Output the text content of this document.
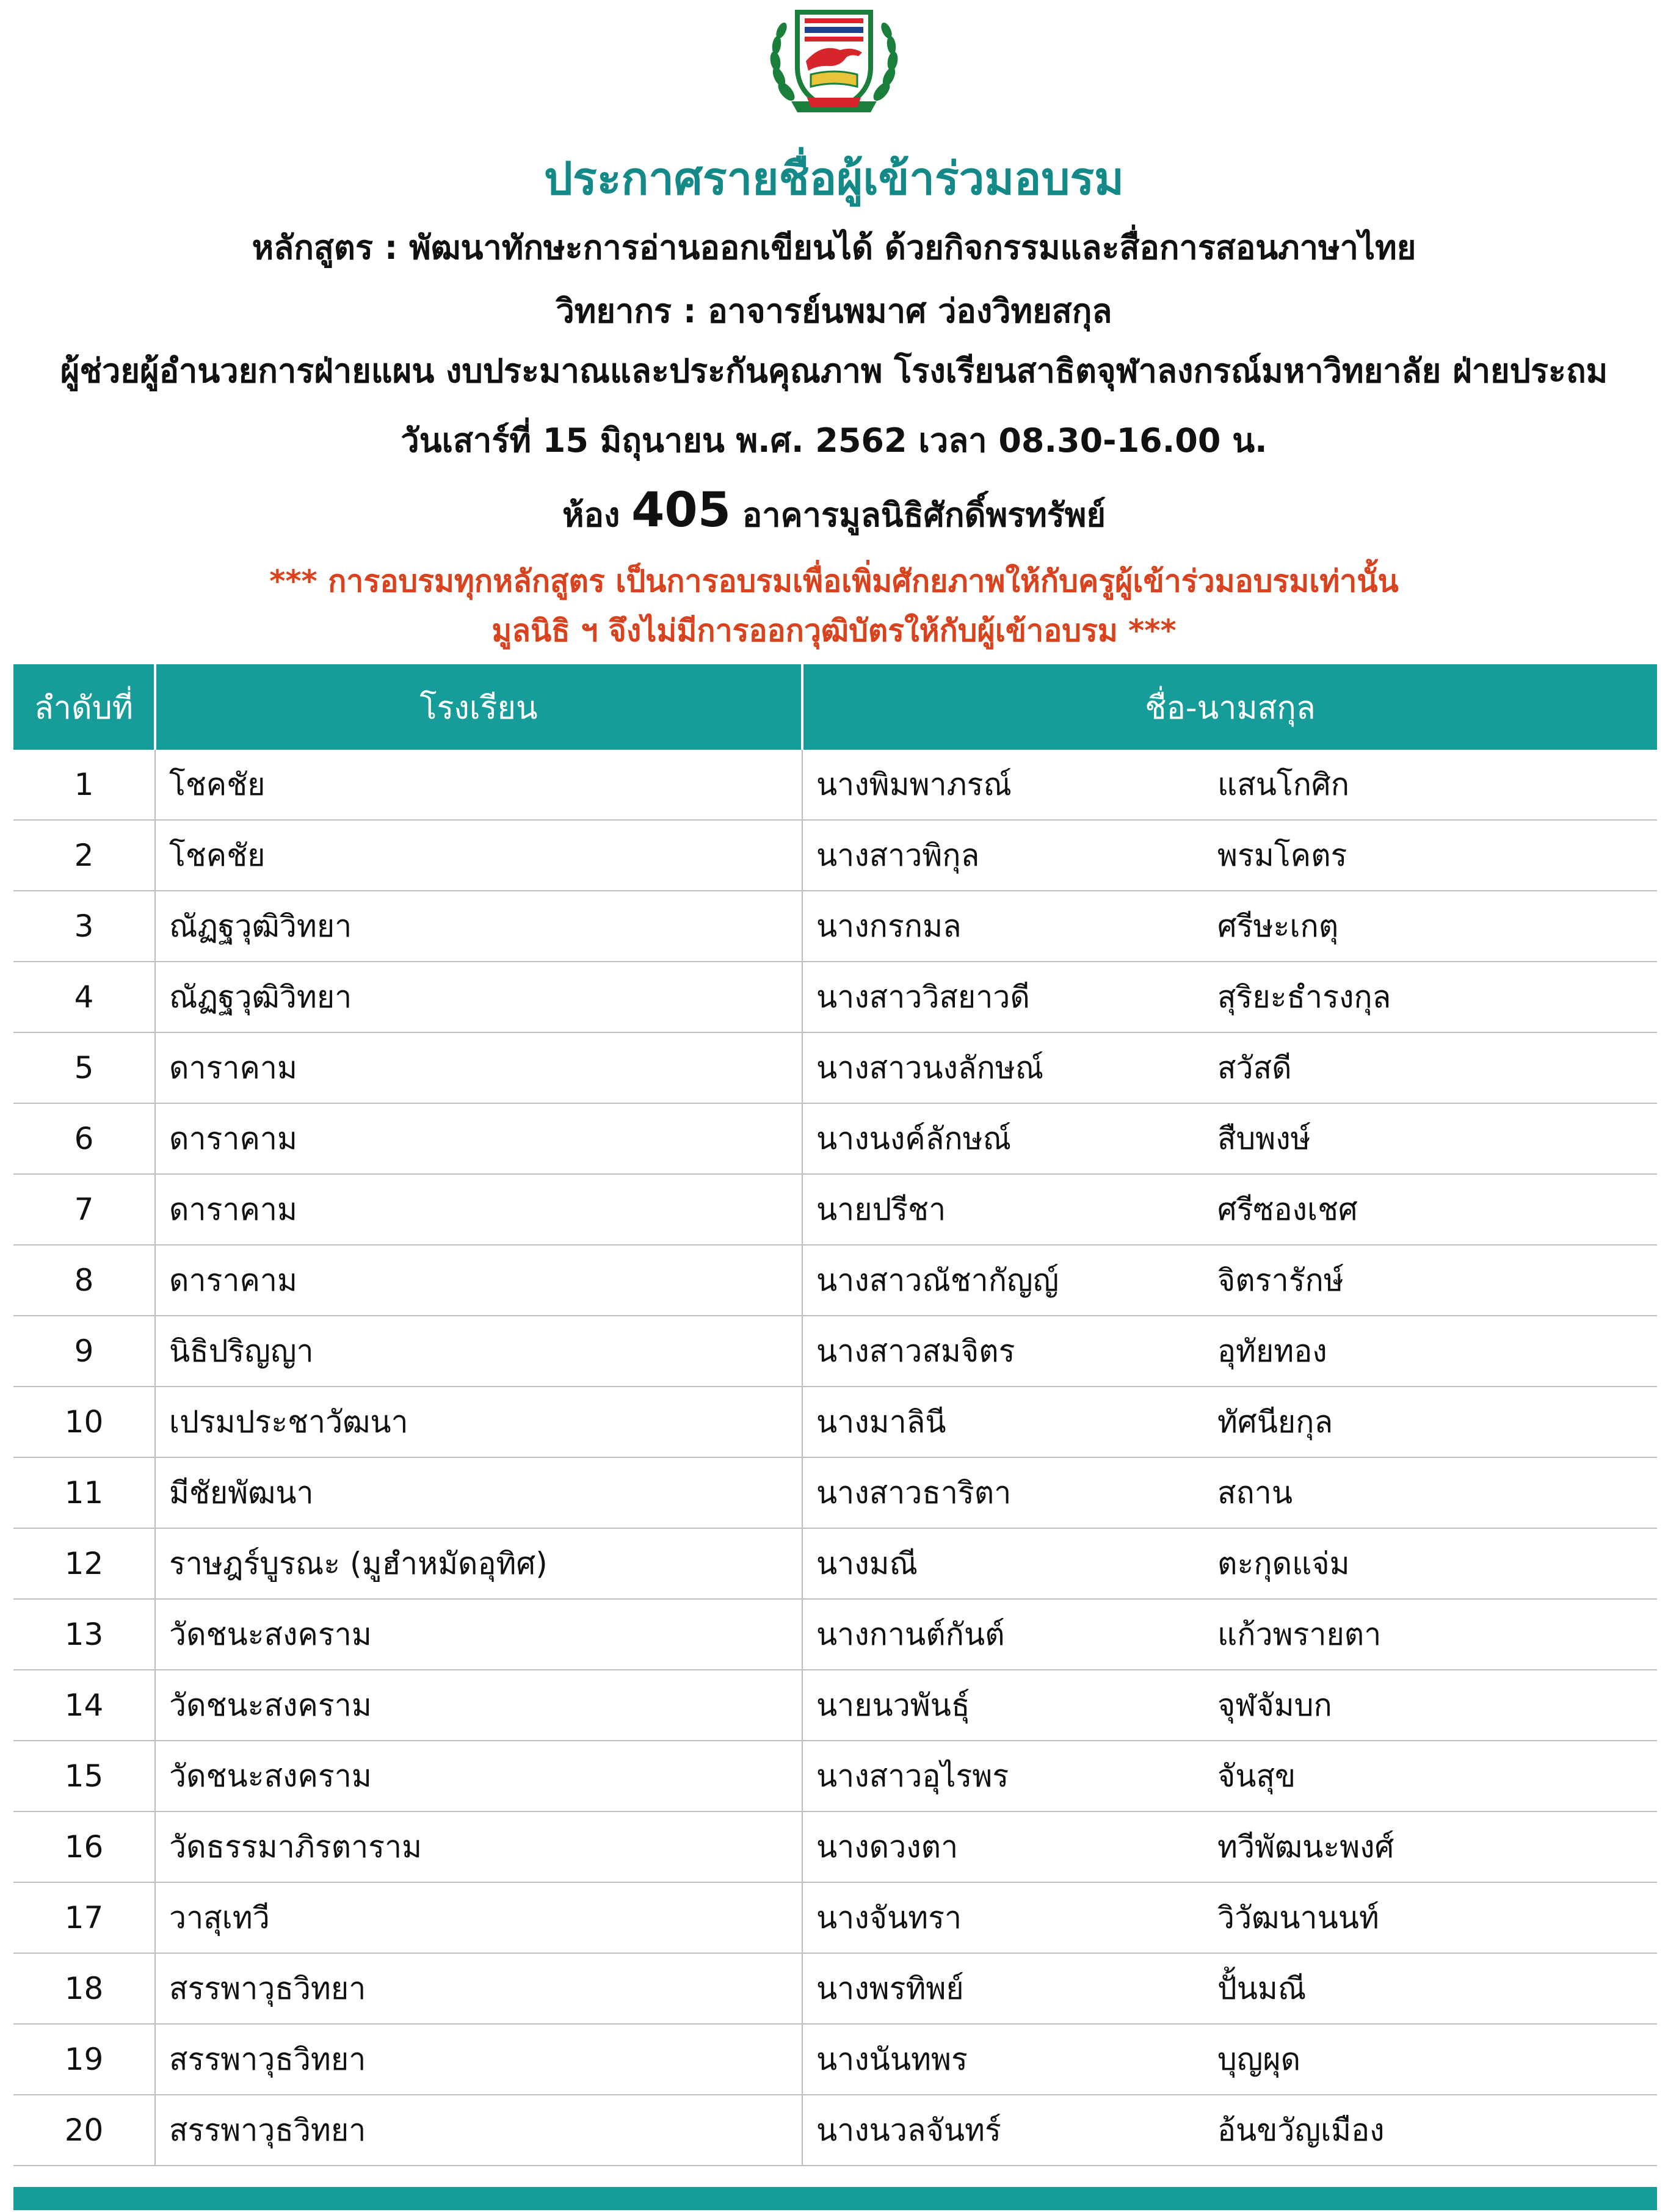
ประกาศรายชื่อผู้เข้าร่วมอบรม
หลักสูตร : พัฒนาทักษะการอ่านออกเขียนได้ ด้วยกิจกรรมและสื่อการสอนภาษาไทย
วิทยากร : อาจารย์นพมาศ ว่องวิทยสกุล
ผู้ช่วยผู้อำนวยการฝ่ายแผน งบประมาณและประกันคุณภาพ โรงเรียนสาธิตจุฬาลงกรณ์มหาวิทยาลัย ฝ่ายประถม
วันเสาร์ที่ 15 มิถุนายน พ.ศ. 2562 เวลา 08.30-16.00 น.
ห้อง 405 อาคารมูลนิธิศักดิ์พรทรัพย์
*** การอบรมทุกหลักสูตร เป็นการอบรมเพื่อเพิ่มศักยภาพให้กับครูผู้เข้าร่วมอบรมเท่านั้น
มูลนิธิ ฯ จึงไม่มีการออกวุฒิบัตรให้กับผู้เข้าอบรม ***
ลำดับที่	โรงเรียน	ชื่อ-นามสกุล	
1	โชคชัย	นางพิมพาภรณ์	แสนโกศิก
2	โชคชัย	นางสาวพิกุล	พรมโคตร
3	ณัฏฐวุฒิวิทยา	นางกรกมล	ศรีษะเกตุ
4	ณัฏฐวุฒิวิทยา	นางสาววิสยาวดี	สุริยะธำรงกุล
5	ดาราคาม	นางสาวนงลักษณ์	สวัสดี
6	ดาราคาม	นางนงค์ลักษณ์	สืบพงษ์
7	ดาราคาม	นายปรีชา	ศรีซองเชศ
8	ดาราคาม	นางสาวณัชากัญญ์	จิตรารักษ์
9	นิธิปริญญา	นางสาวสมจิตร	อุทัยทอง
10	เปรมประชาวัฒนา	นางมาลินี	ทัศนียกุล
11	มีชัยพัฒนา	นางสาวธาริตา	สถาน
12	ราษฎร์บูรณะ (มูฮำหมัดอุทิศ)	นางมณี	ตะกุดแจ่ม
13	วัดชนะสงคราม	นางกานต์กันต์	แก้วพรายตา
14	วัดชนะสงคราม	นายนวพันธุ์	จุฬจัมบก
15	วัดชนะสงคราม	นางสาวอุไรพร	จันสุข
16	วัดธรรมาภิรตาราม	นางดวงตา	ทวีพัฒนะพงศ์
17	วาสุเทวี	นางจันทรา	วิวัฒนานนท์
18	สรรพาวุธวิทยา	นางพรทิพย์	ปั้นมณี
19	สรรพาวุธวิทยา	นางนันทพร	บุญผุด
20	สรรพาวุธวิทยา	นางนวลจันทร์	อ้นขวัญเมือง
